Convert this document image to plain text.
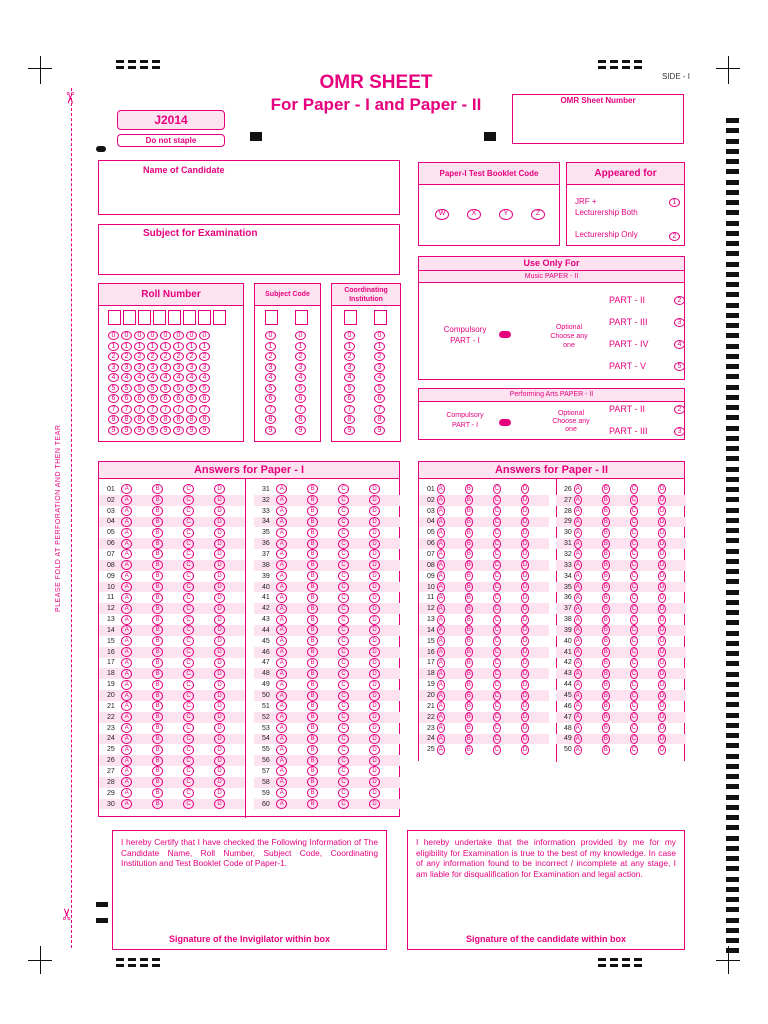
✂
✂
PLEASE FOLD AT PERFORATION AND THEN TEAR
OMR SHEET
For Paper - I and Paper - II
SIDE - I
J2014
Do not staple
OMR Sheet Number
Name of Candidate
Subject for Examination
Paper-I Test Booklet Code
W	X	Y	Z
Appeared for
JRF +
Lecturership Both
1
Lecturership Only	2
Use Only For
Music PAPER - II
Compulsory
PART - I
Optional
Choose any
one
PART - II	2
PART - III	3
PART - IV	4
PART - V	5
Performing Arts PAPER - II
Compulsory
PART - I
Optional
Choose any
one
PART - II	2
PART - III	3
Roll Number
0	0	0	0	0	0	0	0
1	1	1	1	1	1	1	1
2	2	2	2	2	2	2	2
3	3	3	3	3	3	3	3
4	4	4	4	4	4	4	4
5	5	5	5	5	5	5	5
6	6	6	6	6	6	6	6
7	7	7	7	7	7	7	7
8	8	8	8	8	8	8	8
9	9	9	9	9	9	9	9
Subject Code
0	0
1	1
2	2
3	3
4	4
5	5
6	6
7	7
8	8
9	9
Coordinating
Institution
0	0
1	1
2	2
3	3
4	4
5	5
6	6
7	7
8	8
9	9
Answers for Paper - I
01	A	B	C	D
02	A	B	C	D
03	A	B	C	D
04	A	B	C	D
05	A	B	C	D
06	A	B	C	D
07	A	B	C	D
08	A	B	C	D
09	A	B	C	D
10	A	B	C	D
11	A	B	C	D
12	A	B	C	D
13	A	B	C	D
14	A	B	C	D
15	A	B	C	D
16	A	B	C	D
17	A	B	C	D
18	A	B	C	D
19	A	B	C	D
20	A	B	C	D
21	A	B	C	D
22	A	B	C	D
23	A	B	C	D
24	A	B	C	D
25	A	B	C	D
26	A	B	C	D
27	A	B	C	D
28	A	B	C	D
29	A	B	C	D
30	A	B	C	D
31	A	B	C	D
32	A	B	C	D
33	A	B	C	D
34	A	B	C	D
35	A	B	C	D
36	A	B	C	D
37	A	B	C	D
38	A	B	C	D
39	A	B	C	D
40	A	B	C	D
41	A	B	C	D
42	A	B	C	D
43	A	B	C	D
44	A	B	C	D
45	A	B	C	D
46	A	B	C	D
47	A	B	C	D
48	A	B	C	D
49	A	B	C	D
50	A	B	C	D
51	A	B	C	D
52	A	B	C	D
53	A	B	C	D
54	A	B	C	D
55	A	B	C	D
56	A	B	C	D
57	A	B	C	D
58	A	B	C	D
59	A	B	C	D
60	A	B	C	D
Answers for Paper - II
01 A	B	C	D
02 A	B	C	D
03 A	B	C	D
04 A	B	C	D
05 A	B	C	D
06 A	B	C	D
07 A	B	C	D
08 A	B	C	D
09 A	B	C	D
10 A	B	C	D
11 A	B	C	D
12 A	B	C	D
13 A	B	C	D
14 A	B	C	D
15 A	B	C	D
16 A	B	C	D
17 A	B	C	D
18 A	B	C	D
19 A	B	C	D
20 A	B	C	D
21 A	B	C	D
22 A	B	C	D
23 A	B	C	D
24 A	B	C	D
25 A	B	C	D
26 A	B	C	D
27 A	B	C	D
28 A	B	C	D
29 A	B	C	D
30 A	B	C	D
31 A	B	C	D
32 A	B	C	D
33 A	B	C	D
34 A	B	C	D
35 A	B	C	D
36 A	B	C	D
37 A	B	C	D
38 A	B	C	D
39 A	B	C	D
40 A	B	C	D
41 A	B	C	D
42 A	B	C	D
43 A	B	C	D
44 A	B	C	D
45 A	B	C	D
46 A	B	C	D
47 A	B	C	D
48 A	B	C	D
49 A	B	C	D
50 A	B	C	D
I hereby Certify that I have checked the Following Information of The Candidate Name, Roll Number, Subject Code, Coordinating Institution and Test Booklet Code of Paper-1.
Signature of the Invigilator within box
I hereby undertake that the information provided by me for my eligibility for Examination is true to the best of my knowledge. In case of any information found to be incorrect / incomplete at any stage, I am liable for disqualification for Examination and legal action.
Signature of the candidate within box
